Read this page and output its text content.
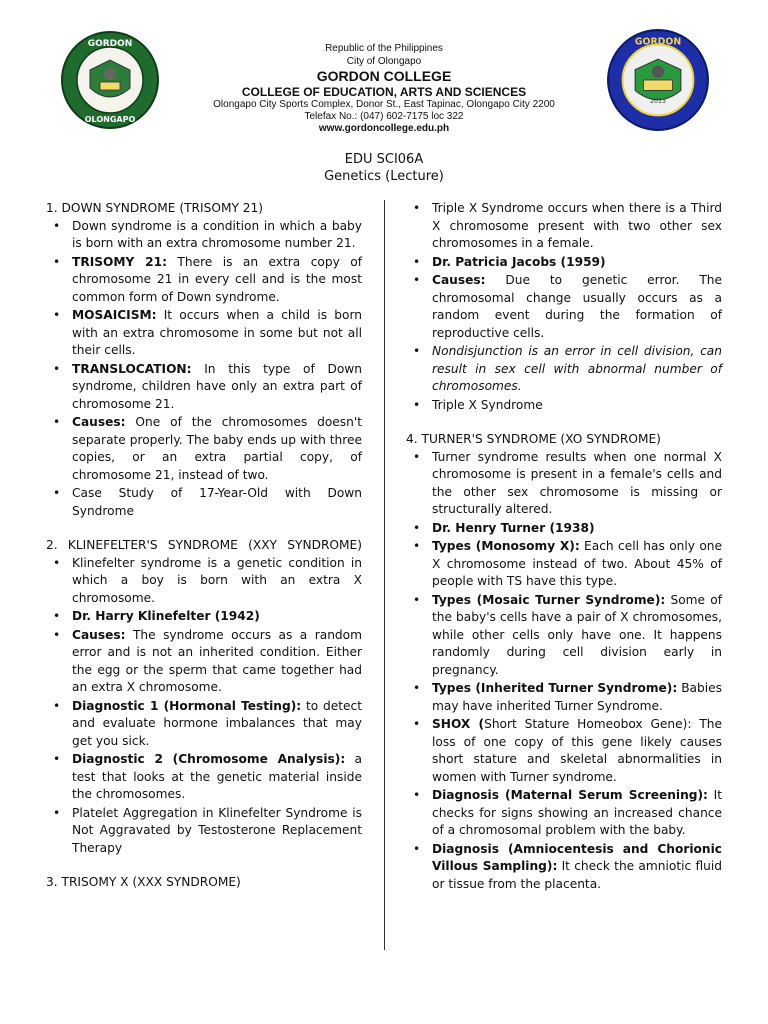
GORDON
OLONGAPO
GORDON
2013
Republic of the Philippines
City of Olongapo
GORDON COLLEGE
COLLEGE OF EDUCATION, ARTS AND SCIENCES
Olongapo City Sports Complex, Donor St., East Tapinac, Olongapo City 2200
Telefax No.: (047) 602-7175 loc 322
www.gordoncollege.edu.ph
EDU SCI06A
Genetics (Lecture)
1. DOWN SYNDROME (TRISOMY 21)
• Down syndrome is a condition in which a baby is born with an extra chromosome number 21.
• TRISOMY 21: There is an extra copy of chromosome 21 in every cell and is the most common form of Down syndrome.
• MOSAICISM: It occurs when a child is born with an extra chromosome in some but not all their cells.
• TRANSLOCATION: In this type of Down syndrome, children have only an extra part of chromosome 21.
• Causes: One of the chromosomes doesn't separate properly. The baby ends up with three copies, or an extra partial copy, of chromosome 21, instead of two.
• Case Study of 17-Year-Old with Down Syndrome
2. KLINEFELTER'S SYNDROME (XXY SYNDROME)
• Klinefelter syndrome is a genetic condition in which a boy is born with an extra X chromosome.
• Dr. Harry Klinefelter (1942)
• Causes: The syndrome occurs as a random error and is not an inherited condition. Either the egg or the sperm that came together had an extra X chromosome.
• Diagnostic 1 (Hormonal Testing): to detect and evaluate hormone imbalances that may get you sick.
• Diagnostic 2 (Chromosome Analysis): a test that looks at the genetic material inside the chromosomes.
• Platelet Aggregation in Klinefelter Syndrome is Not Aggravated by Testosterone Replacement Therapy
3. TRISOMY X (XXX SYNDROME)
• Triple X Syndrome occurs when there is a Third X chromosome present with two other sex chromosomes in a female.
• Dr. Patricia Jacobs (1959)
• Causes: Due to genetic error. The chromosomal change usually occurs as a random event during the formation of reproductive cells.
• Nondisjunction is an error in cell division, can result in sex cell with abnormal number of chromosomes.
• Triple X Syndrome
4. TURNER'S SYNDROME (XO SYNDROME)
• Turner syndrome results when one normal X chromosome is present in a female's cells and the other sex chromosome is missing or structurally altered.
• Dr. Henry Turner (1938)
• Types (Monosomy X): Each cell has only one X chromosome instead of two. About 45% of people with TS have this type.
• Types (Mosaic Turner Syndrome): Some of the baby's cells have a pair of X chromosomes, while other cells only have one. It happens randomly during cell division early in pregnancy.
• Types (Inherited Turner Syndrome): Babies may have inherited Turner Syndrome.
• SHOX (Short Stature Homeobox Gene): The loss of one copy of this gene likely causes short stature and skeletal abnormalities in women with Turner syndrome.
• Diagnosis (Maternal Serum Screening): It checks for signs showing an increased chance of a chromosomal problem with the baby.
• Diagnosis (Amniocentesis and Chorionic Villous Sampling): It check the amniotic fluid or tissue from the placenta.
